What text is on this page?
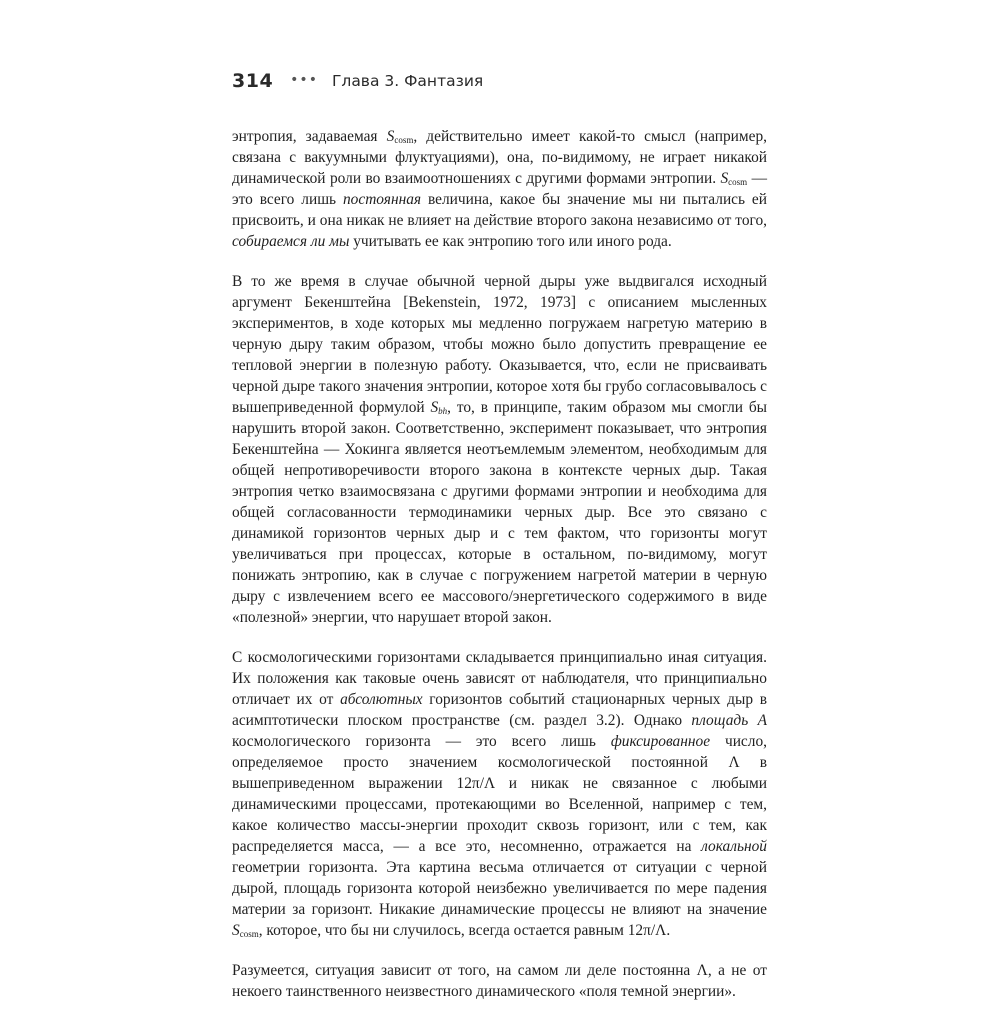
314 ••• Глава 3. Фантазия

энтропия, задаваемая $S_{cosm}$, действительно имеет какой-то смысл (например, связана с вакуумными флуктуациями), она, по-видимому, не играет никакой динамической роли во взаимоотношениях с другими формами энтропии. $S_{cosm}$ — это всего лишь постоянная величина, какое бы значение мы ни пытались ей присвоить, и она никак не влияет на действие второго закона независимо от того, собираемся ли мы учитывать ее как энтропию того или иного рода.

В то же время в случае обычной черной дыры уже выдвигался исходный аргумент Бекенштейна [Bekenstein, 1972, 1973] с описанием мысленных экспериментов, в ходе которых мы медленно погружаем нагретую материю в черную дыру таким образом, чтобы можно было допустить превращение ее тепловой энергии в полезную работу. Оказывается, что, если не присваивать черной дыре такого значения энтропии, которое хотя бы грубо согласовывалось с вышеприведенной формулой $S_{bh}$, то, в принципе, таким образом мы смогли бы нарушить второй закон. Соответственно, эксперимент показывает, что энтропия Бекенштейна — Хокинга является неотъемлемым элементом, необходимым для общей непротиворечивости второго закона в контексте черных дыр. Такая энтропия четко взаимосвязана с другими формами энтропии и необходима для общей согласованности термодинамики черных дыр. Все это связано с динамикой горизонтов черных дыр и с тем фактом, что горизонты могут увеличиваться при процессах, которые в остальном, по-видимому, могут понижать энтропию, как в случае с погружением нагретой материи в черную дыру с извлечением всего ее массового/энергетического содержимого в виде «полезной» энергии, что нарушает второй закон.

С космологическими горизонтами складывается принципиально иная ситуация. Их положения как таковые очень зависят от наблюдателя, что принципиально отличает их от абсолютных горизонтов событий стационарных черных дыр в асимптотически плоском пространстве (см. раздел 3.2). Однако площадь A космологического горизонта — это всего лишь фиксированное число, определяемое просто значением космологической постоянной Λ в вышеприведенном выражении 12π/Λ и никак не связанное с любыми динамическими процессами, протекающими во Вселенной, например с тем, какое количество массы-энергии проходит сквозь горизонт, или с тем, как распределяется масса, — а все это, несомненно, отражается на локальной геометрии горизонта. Эта картина весьма отличается от ситуации с черной дырой, площадь горизонта которой неизбежно увеличивается по мере падения материи за горизонт. Никакие динамические процессы не влияют на значение $S_{cosm}$, которое, что бы ни случилось, всегда остается равным 12π/Λ.

Разумеется, ситуация зависит от того, на самом ли деле постоянна Λ, а не от некоего таинственного неизвестного динамического «поля темной энергии».
